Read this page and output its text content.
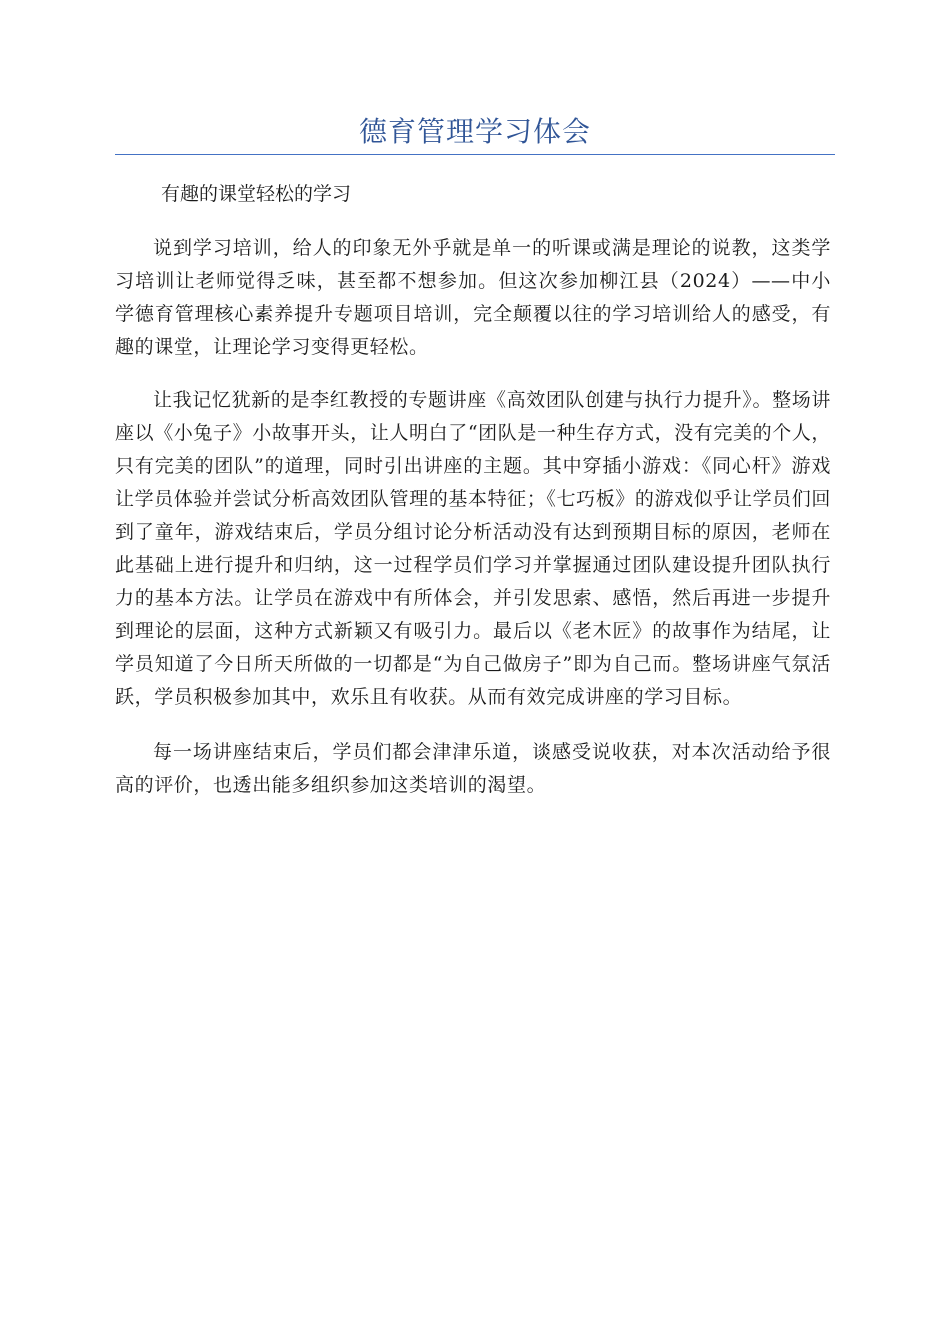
德育管理学习体会

有趣的课堂轻松的学习

说到学习培训，给人的印象无外乎就是单一的听课或满是理论的说教，这类学习培训让老师觉得乏味，甚至都不想参加。但这次参加柳江县（2024）——中小学德育管理核心素养提升专题项目培训，完全颠覆以往的学习培训给人的感受，有趣的课堂，让理论学习变得更轻松。

让我记忆犹新的是李红教授的专题讲座《高效团队创建与执行力提升》。整场讲座以《小兔子》小故事开头，让人明白了“团队是一种生存方式，没有完美的个人，只有完美的团队”的道理，同时引出讲座的主题。其中穿插小游戏：《同心杆》游戏让学员体验并尝试分析高效团队管理的基本特征；《七巧板》的游戏似乎让学员们回到了童年，游戏结束后，学员分组讨论分析活动没有达到预期目标的原因，老师在此基础上进行提升和归纳，这一过程学员们学习并掌握通过团队建设提升团队执行力的基本方法。让学员在游戏中有所体会，并引发思索、感悟，然后再进一步提升到理论的层面，这种方式新颖又有吸引力。最后以《老木匠》的故事作为结尾，让学员知道了今日所天所做的一切都是“为自己做房子”即为自己而。整场讲座气氛活跃，学员积极参加其中，欢乐且有收获。从而有效完成讲座的学习目标。

每一场讲座结束后，学员们都会津津乐道，谈感受说收获，对本次活动给予很高的评价，也透出能多组织参加这类培训的渴望。
